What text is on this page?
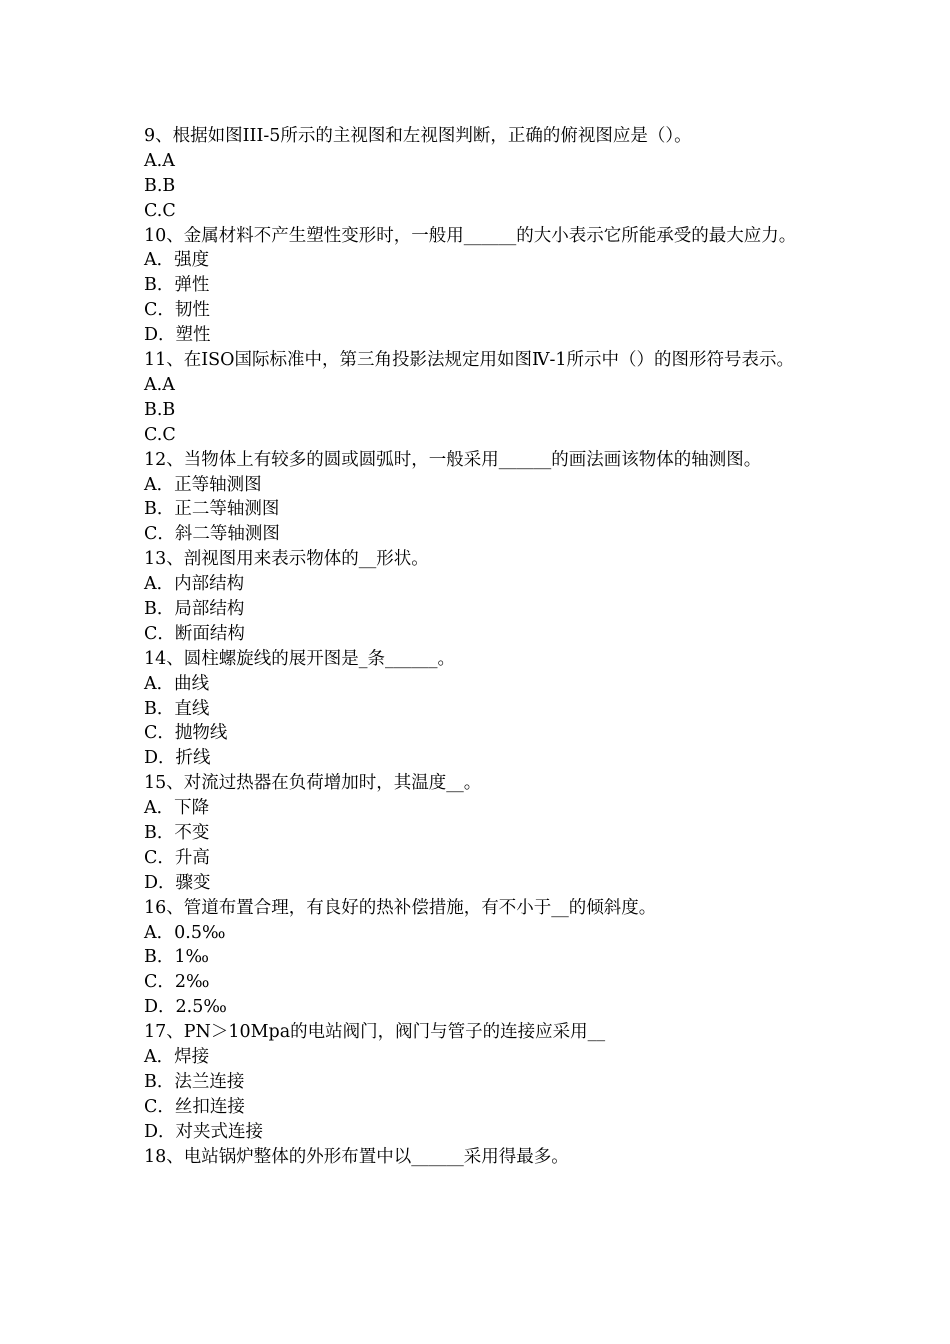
9、根据如图III-5所示的主视图和左视图判断，正确的俯视图应是（）。
A.A
B.B
C.C
10、金属材料不产生塑性变形时，一般用______的大小表示它所能承受的最大应力。
A．强度
B．弹性
C．韧性
D．塑性
11、在ISO国际标准中，第三角投影法规定用如图Ⅳ-1所示中（）的图形符号表示。
A.A
B.B
C.C
12、当物体上有较多的圆或圆弧时，一般采用______的画法画该物体的轴测图。
A．正等轴测图
B．正二等轴测图
C．斜二等轴测图
13、剖视图用来表示物体的__形状。
A．内部结构
B．局部结构
C．断面结构
14、圆柱螺旋线的展开图是_条______。
A．曲线
B．直线
C．抛物线
D．折线
15、对流过热器在负荷增加时，其温度__。
A．下降
B．不变
C．升高
D．骤变
16、管道布置合理，有良好的热补偿措施，有不小于__的倾斜度。
A．0.5‰
B．1‰
C．2‰
D．2.5‰
17、PN＞10Mpa的电站阀门，阀门与管子的连接应采用__
A．焊接
B．法兰连接
C．丝扣连接
D．对夹式连接
18、电站锅炉整体的外形布置中以______采用得最多。
